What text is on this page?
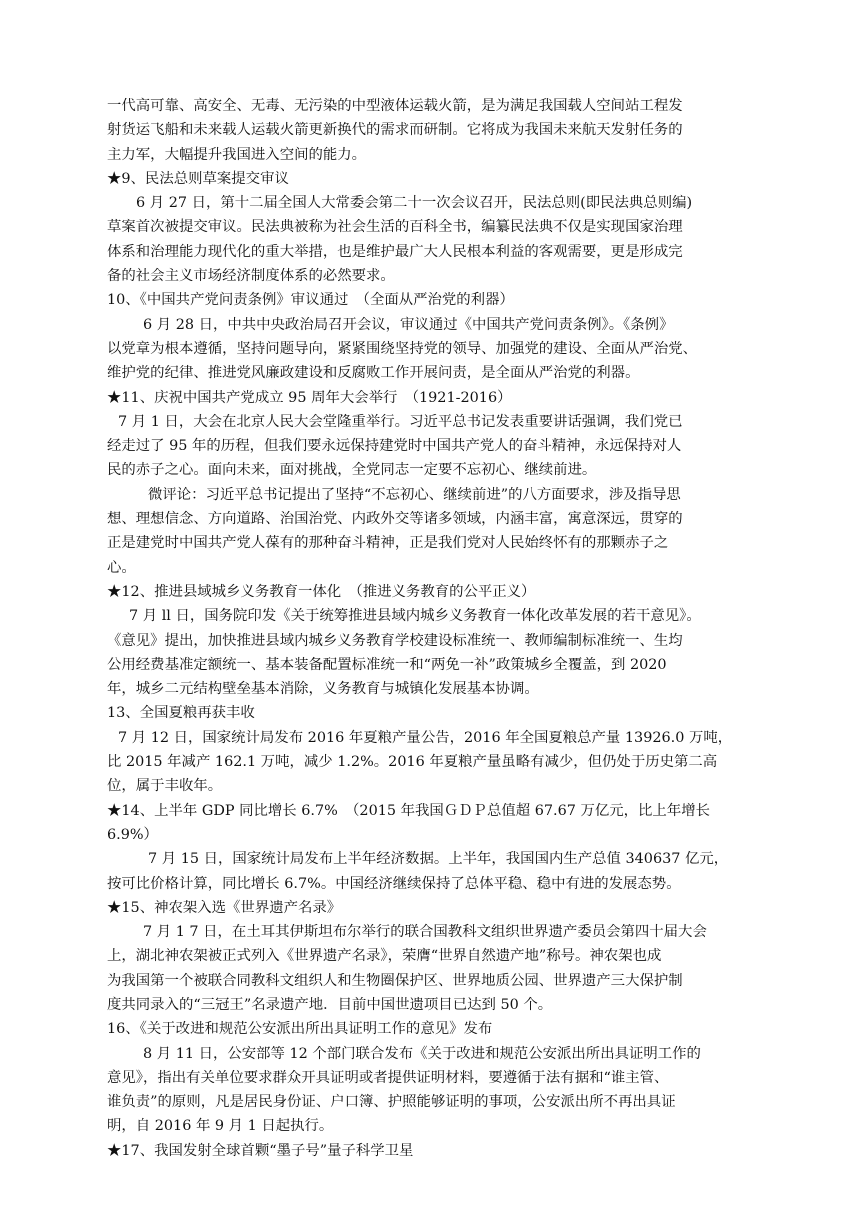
一代高可靠、高安全、无毒、无污染的中型液体运载火箭，是为满足我国载人空间站工程发
射货运飞船和未来载人运载火箭更新换代的需求而研制。它将成为我国未来航天发射任务的
主力军，大幅提升我国进入空间的能力。
★9、民法总则草案提交审议
6 月 27 日，第十二届全国人大常委会第二十一次会议召开，民法总则(即民法典总则编)
草案首次被提交审议。民法典被称为社会生活的百科全书，编纂民法典不仅是实现国家治理
体系和治理能力现代化的重大举措，也是维护最广大人民根本利益的客观需要，更是形成完
备的社会主义市场经济制度体系的必然要求。
10、《中国共产党问责条例》审议通过　（全面从严治党的利器）
6 月 28 日，中共中央政治局召开会议，审议通过《中国共产党问责条例》。《条例》
以党章为根本遵循，坚持问题导向，紧紧围绕坚持党的领导、加强党的建设、全面从严治党、
维护党的纪律、推进党风廉政建设和反腐败工作开展问责，是全面从严治党的利器。
★11、庆祝中国共产党成立 95 周年大会举行　（1921-2016）
7 月 1 日，大会在北京人民大会堂隆重举行。习近平总书记发表重要讲话强调，我们党已
经走过了 95 年的历程，但我们要永远保持建党时中国共产党人的奋斗精神，永远保持对人
民的赤子之心。面向未来，面对挑战，全党同志一定要不忘初心、继续前进。
微评论：习近平总书记提出了坚持“不忘初心、继续前进”的八方面要求，涉及指导思
想、理想信念、方向道路、治国治党、内政外交等诸多领域，内涵丰富，寓意深远，贯穿的
正是建党时中国共产党人葆有的那种奋斗精神，正是我们党对人民始终怀有的那颗赤子之
心。
★12、推进县域城乡义务教育一体化　（推进义务教育的公平正义）
7 月 ll 日，国务院印发《关于统筹推进县域内城乡义务教育一体化改革发展的若干意见》。
《意见》提出，加快推进县域内城乡义务教育学校建设标准统一、教师编制标准统一、生均
公用经费基准定额统一、基本装备配置标准统一和“两免一补”政策城乡全覆盖，到 2020
年，城乡二元结构壁垒基本消除，义务教育与城镇化发展基本协调。
13、全国夏粮再获丰收
7 月 12 日，国家统计局发布 2016 年夏粮产量公告，2016 年全国夏粮总产量 13926.0 万吨，
比 2015 年减产 162.1 万吨，减少 1.2%。2016 年夏粮产量虽略有减少，但仍处于历史第二高
位，属于丰收年。
★14、上半年 GDP 同比增长 6.7%　（2015 年我国ＧＤＰ总值超 67.67 万亿元，比上年增长
6.9%）
7 月 15 日，国家统计局发布上半年经济数据。上半年，我国国内生产总值 340637 亿元，
按可比价格计算，同比增长 6.7%。中国经济继续保持了总体平稳、稳中有进的发展态势。
★15、神农架入选《世界遗产名录》
7 月 1 7 日，在土耳其伊斯坦布尔举行的联合国教科文组织世界遗产委员会第四十届大会
上，湖北神农架被正式列入《世界遗产名录》，荣膺“世界自然遗产地”称号。神农架也成
为我国第一个被联合同教科文组织人和生物圈保护区、世界地质公园、世界遗产三大保护制
度共同录入的“三冠王”名录遗产地．目前中国世遗项目已达到 50 个。
16、《关于改进和规范公安派出所出具证明工作的意见》发布
8 月 11 日，公安部等 12 个部门联合发布《关于改进和规范公安派出所出具证明工作的
意见》，指出有关单位要求群众开具证明或者提供证明材料，要遵循于法有据和“谁主管、
谁负责”的原则，凡是居民身份证、户口簿、护照能够证明的事项，公安派出所不再出具证
明，自 2016 年 9 月 1 日起执行。
★17、我国发射全球首颗“墨子号”量子科学卫星
